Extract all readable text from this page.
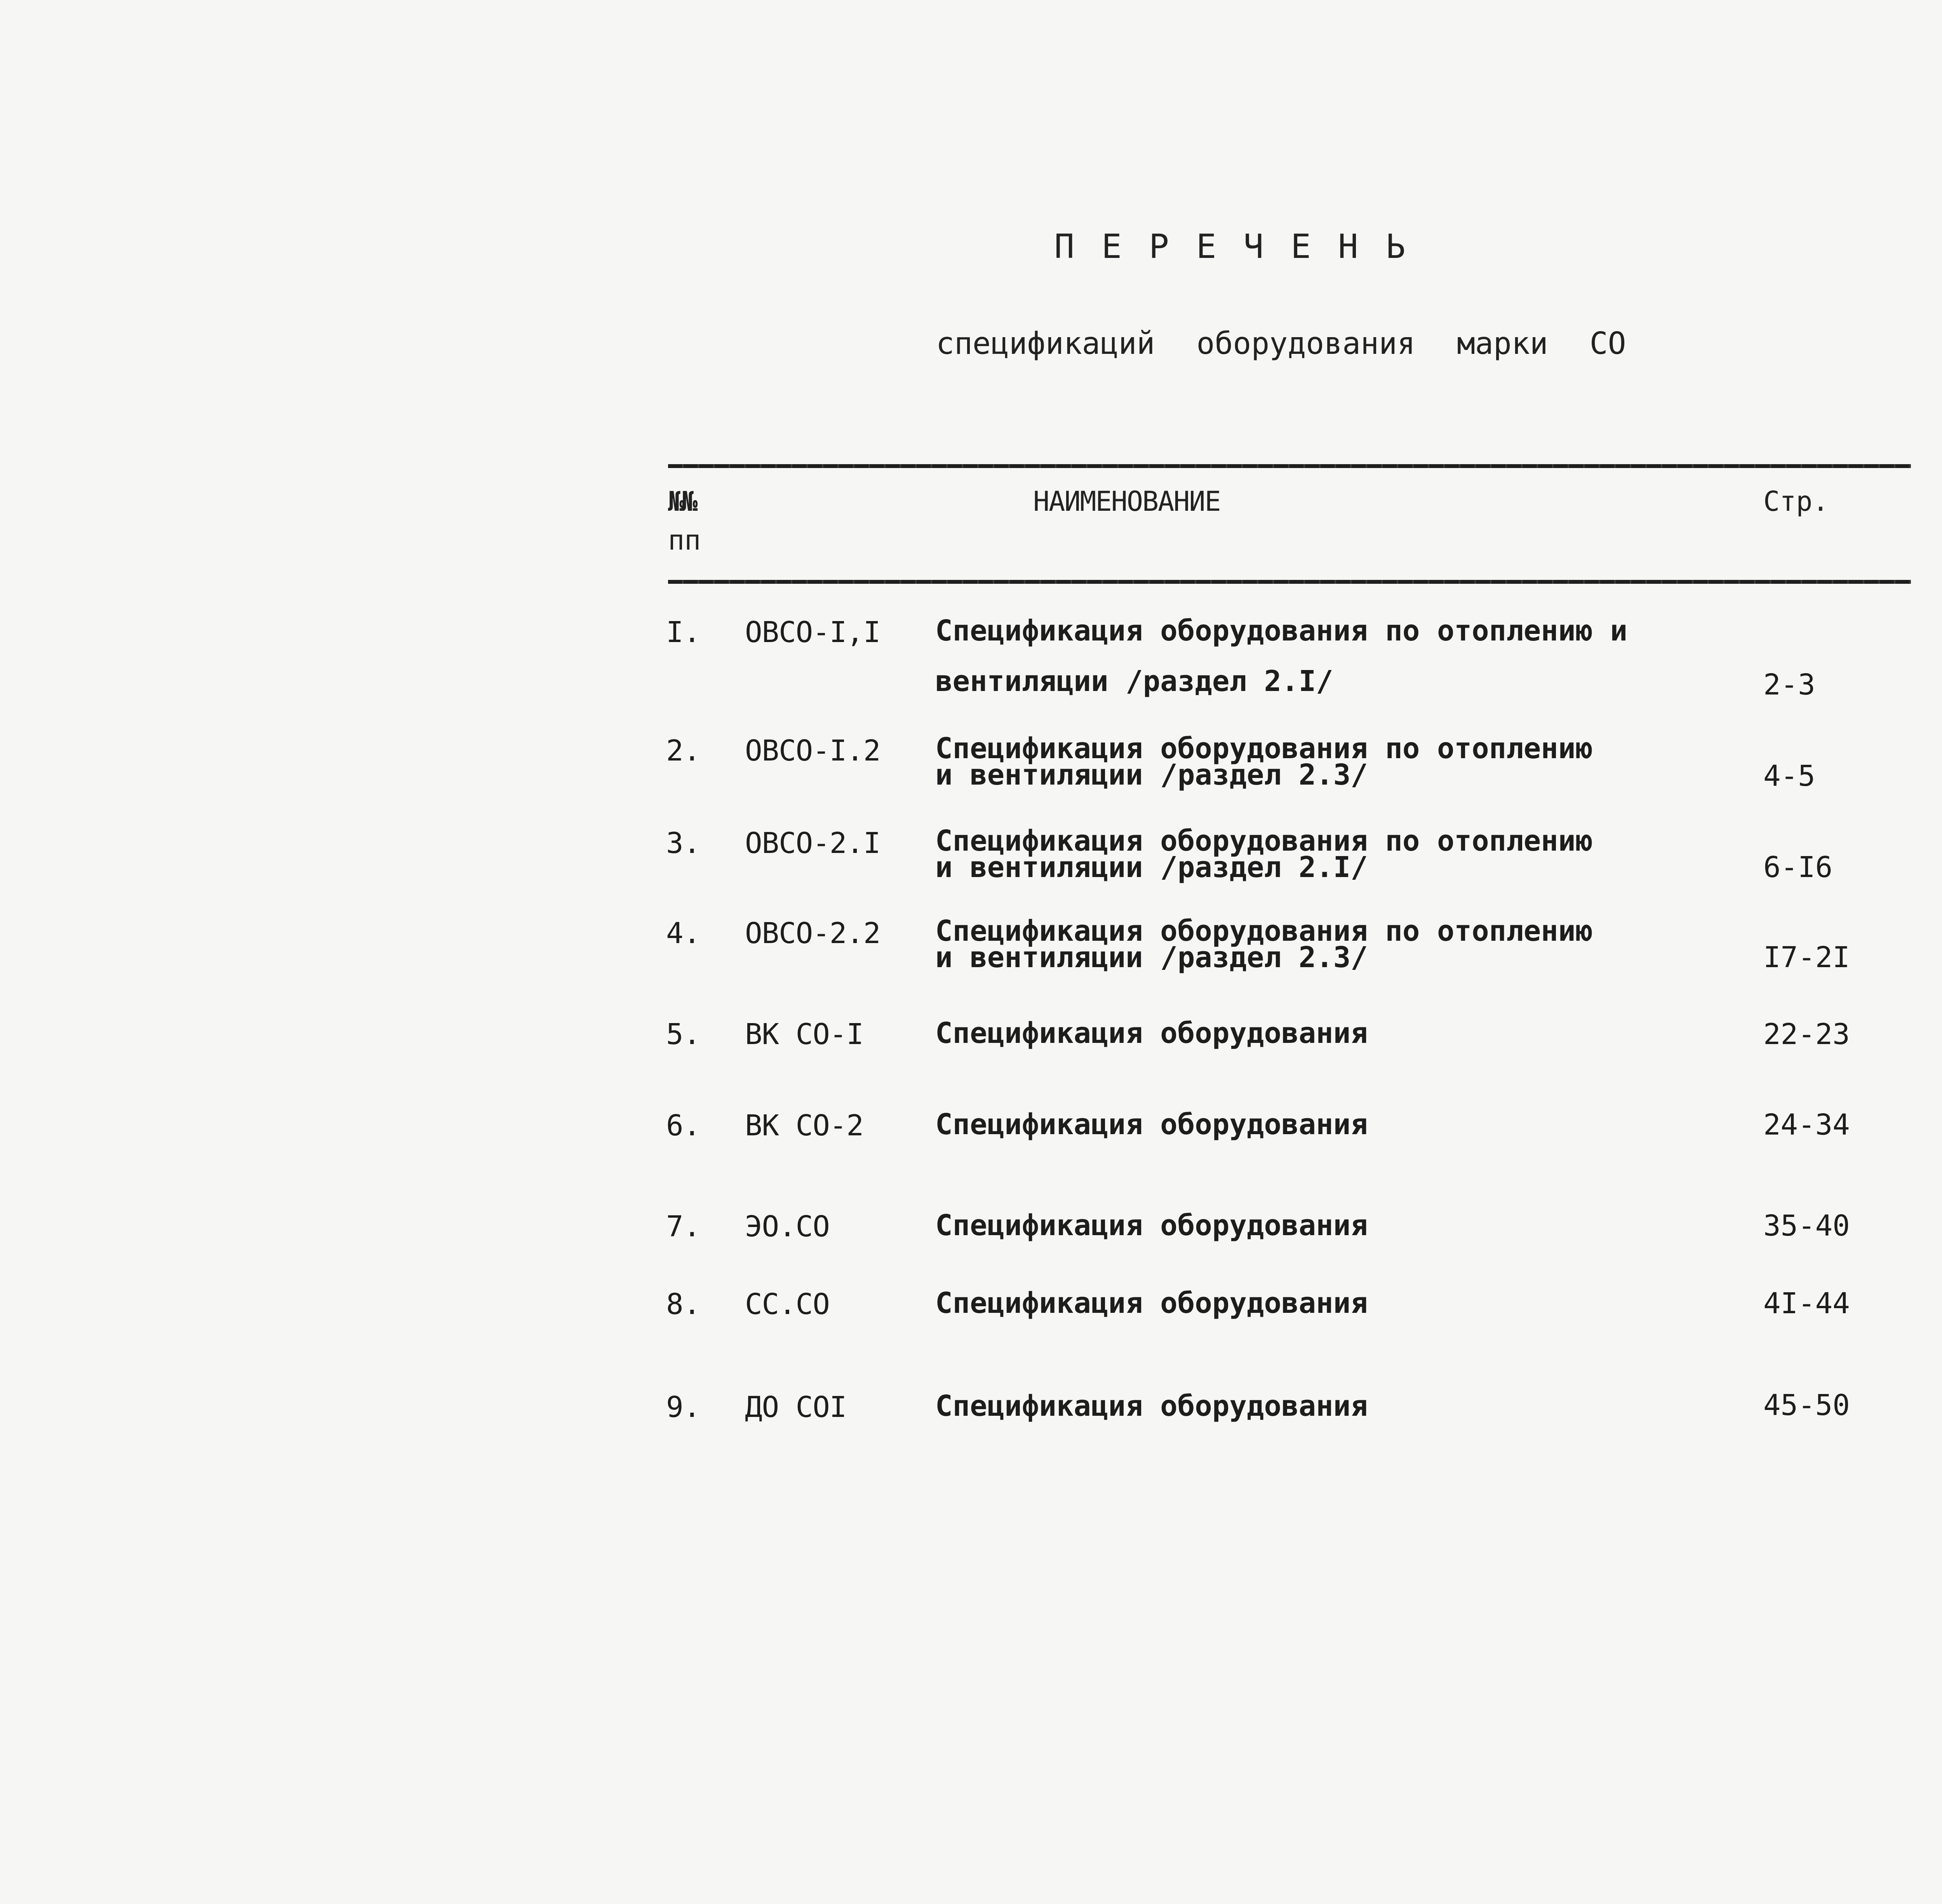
ПЕРЕЧЕНЬ
спецификаций оборудования марки СО
№№
пп
НАИМЕНОВАНИЕ	Стр.
I. ОВСО-I,I Спецификация оборудования по отоплению и
вентиляции /раздел 2.I/	2-3
2. ОВСО-I.2 Спецификация оборудования по отоплению
и вентиляции /раздел 2.3/	4-5
3. ОВСО-2.I Спецификация оборудования по отоплению
и вентиляции /раздел 2.I/	6-I6
4. ОВСО-2.2 Спецификация оборудования по отоплению
и вентиляции /раздел 2.3/	I7-2I
5. ВК СО-I	Спецификация оборудования	22-23
6. ВК СО-2	Спецификация оборудования	24-34
7. ЭО.СО	Спецификация оборудования	35-40
8. СС.СО	Спецификация оборудования	4I-44
9. ДО СОI	Спецификация оборудования	45-50
